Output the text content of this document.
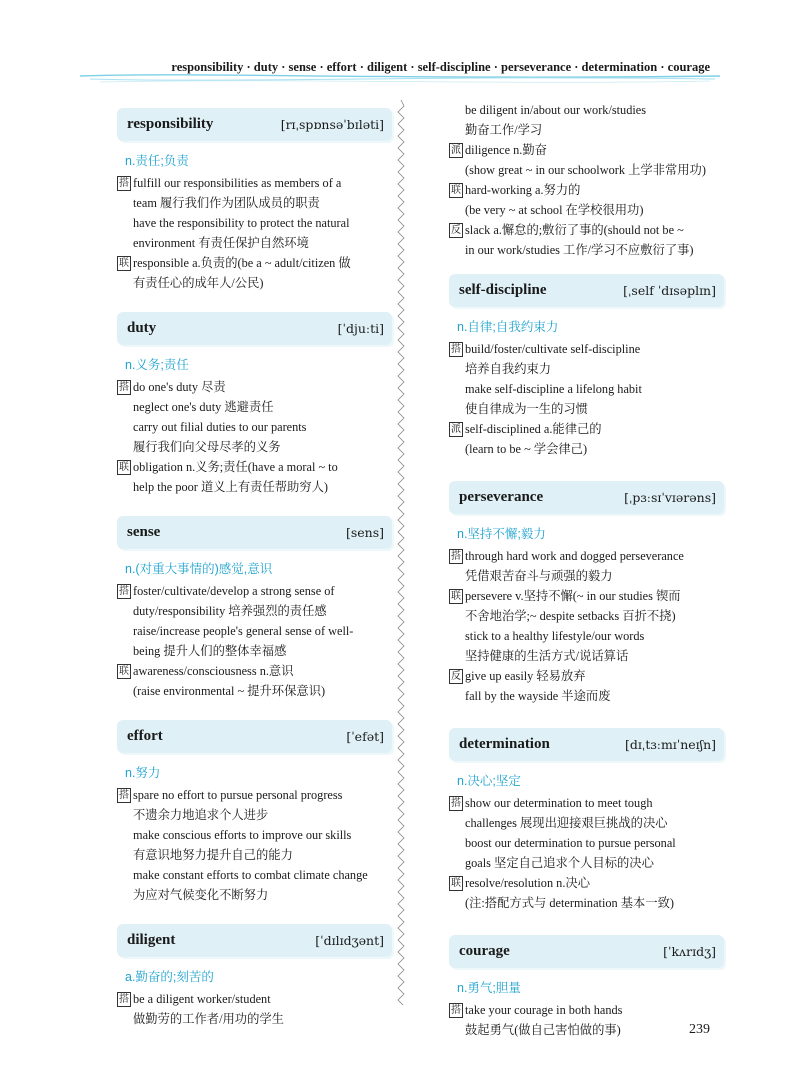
responsibility · duty · sense · effort · diligent · self-discipline · perseverance · determination · courage
responsibility	[rɪˌspɒnsəˈbɪləti]
n.责任;负责
搭 fulfill our responsibilities as members of a
team 履行我们作为团队成员的职责
have the responsibility to protect the natural
environment 有责任保护自然环境
联 responsible a.负责的(be a ~ adult/citizen 做
有责任心的成年人/公民)
duty	[ˈdjuːti]
n.义务;责任
搭 do one's duty 尽责
neglect one's duty 逃避责任
carry out filial duties to our parents
履行我们向父母尽孝的义务
联 obligation n.义务;责任(have a moral ~ to
help the poor 道义上有责任帮助穷人)
sense	[sens]
n.(对重大事情的)感觉,意识
搭 foster/cultivate/develop a strong sense of
duty/responsibility 培养强烈的责任感
raise/increase people's general sense of well-
being 提升人们的整体幸福感
联 awareness/consciousness n.意识
(raise environmental ~ 提升环保意识)
effort	[ˈefət]
n.努力
搭 spare no effort to pursue personal progress
不遗余力地追求个人进步
make conscious efforts to improve our skills
有意识地努力提升自己的能力
make constant efforts to combat climate change
为应对气候变化不断努力
diligent	[ˈdɪlɪdʒənt]
a.勤奋的;刻苦的
搭 be a diligent worker/student
做勤劳的工作者/用功的学生
be diligent in/about our work/studies
勤奋工作/学习
派 diligence n.勤奋
(show great ~ in our schoolwork 上学非常用功)
联 hard-working a.努力的
(be very ~ at school 在学校很用功)
反 slack a.懈怠的;敷衍了事的(should not be ~
in our work/studies 工作/学习不应敷衍了事)
self-discipline	[ˌself ˈdɪsəplɪn]
n.自律;自我约束力
搭 build/foster/cultivate self-discipline
培养自我约束力
make self-discipline a lifelong habit
使自律成为一生的习惯
派 self-disciplined a.能律己的
(learn to be ~ 学会律己)
perseverance	[ˌpɜːsɪˈvɪərəns]
n.坚持不懈;毅力
搭 through hard work and dogged perseverance
凭借艰苦奋斗与顽强的毅力
联 persevere v.坚持不懈(~ in our studies 锲而
不舍地治学;~ despite setbacks 百折不挠)
stick to a healthy lifestyle/our words
坚持健康的生活方式/说话算话
反 give up easily 轻易放弃
fall by the wayside 半途而废
determination	[dɪˌtɜːmɪˈneɪʃn]
n.决心;坚定
搭 show our determination to meet tough
challenges 展现出迎接艰巨挑战的决心
boost our determination to pursue personal
goals 坚定自己追求个人目标的决心
联 resolve/resolution n.决心
(注:搭配方式与 determination 基本一致)
courage	[ˈkʌrɪdʒ]
n.勇气;胆量
搭 take your courage in both hands
鼓起勇气(做自己害怕做的事)	239
